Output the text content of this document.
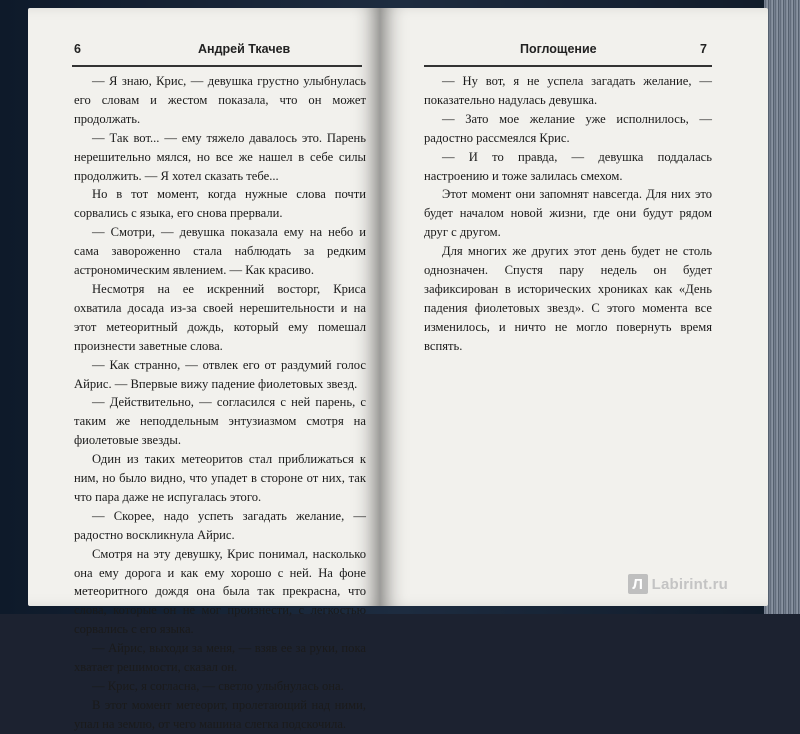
6	Андрей Ткачев

— Я знаю, Крис, — девушка грустно улыбнулась его словам и жестом показала, что он может продолжать.

— Так вот... — ему тяжело давалось это. Парень нерешительно мялся, но все же нашел в себе силы продолжить. — Я хотел сказать тебе...

Но в тот момент, когда нужные слова почти сорвались с языка, его снова прервали.

— Смотри, — девушка показала ему на небо и сама завороженно стала наблюдать за редким астрономическим явлением. — Как красиво.

Несмотря на ее искренний восторг, Криса охватила досада из-за своей нерешительности и на этот метеоритный дождь, который ему помешал произнести заветные слова.

— Как странно, — отвлек его от раздумий голос Айрис. — Впервые вижу падение фиолетовых звезд.

— Действительно, — согласился с ней парень, с таким же неподдельным энтузиазмом смотря на фиолетовые звезды.

Один из таких метеоритов стал приближаться к ним, но было видно, что упадет в стороне от них, так что пара даже не испугалась этого.

— Скорее, надо успеть загадать желание, — радостно воскликнула Айрис.

Смотря на эту девушку, Крис понимал, насколько она ему дорога и как ему хорошо с ней. На фоне метеоритного дождя она была так прекрасна, что слова, которые он не мог произнести, с легкостью сорвались с его языка.

— Айрис, выходи за меня, — взяв ее за руки, пока хватает решимости, сказал он.

— Крис, я согласна, — светло улыбнулась она.

В этот момент метеорит, пролетающий над ними, упал на землю, от чего машина слегка подскочила.

Поглощение	7

— Ну вот, я не успела загадать желание, — показательно надулась девушка.

— Зато мое желание уже исполнилось, — радостно рассмеялся Крис.

— И то правда, — девушка поддалась настроению и тоже залилась смехом.

Этот момент они запомнят навсегда. Для них это будет началом новой жизни, где они будут рядом друг с другом.

Для многих же других этот день будет не столь однозначен. Спустя пару недель он будет зафиксирован в исторических хрониках как «День падения фиолетовых звезд». С этого момента все изменилось, и ничто не могло повернуть время вспять.

Л Labirint.ru
